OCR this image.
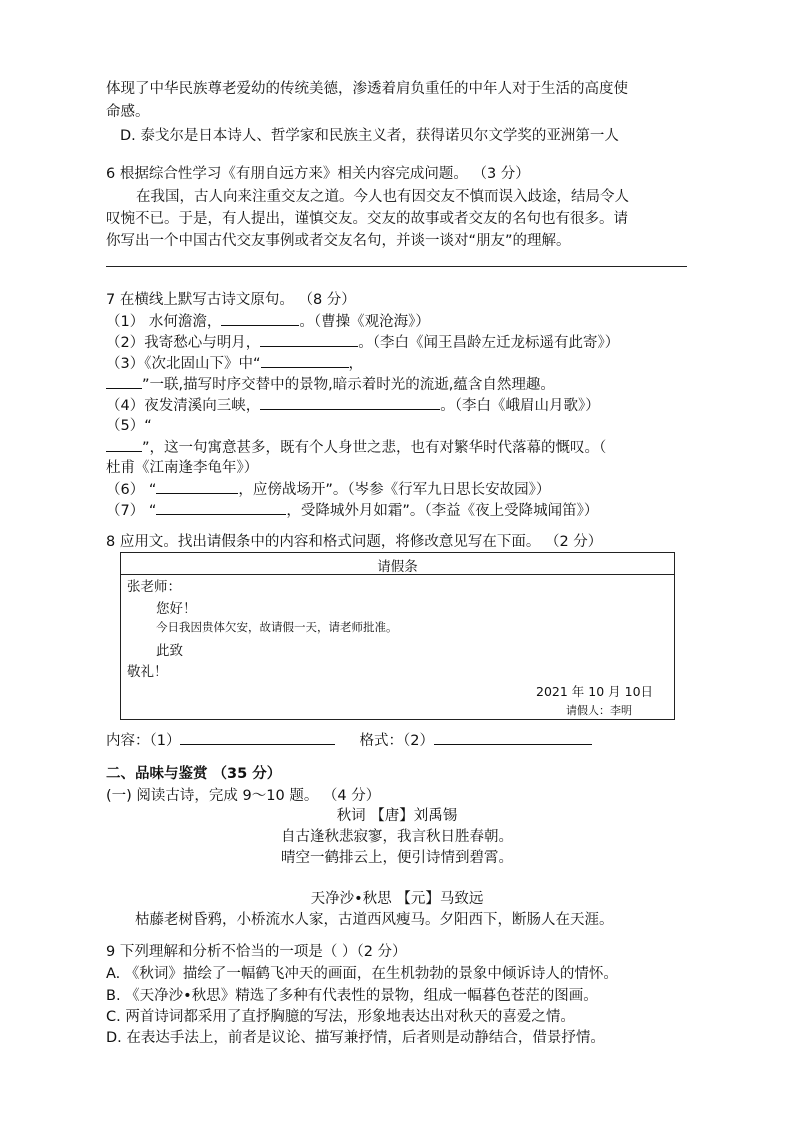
体现了中华民族尊老爱幼的传统美德，渗透着肩负重任的中年人对于生活的高度使
命感。
D. 泰戈尔是日本诗人、哲学家和民族主义者，获得诺贝尔文学奖的亚洲第一人
6 根据综合性学习《有朋自远方来》相关内容完成问题。 （3 分）
在我国，古人向来注重交友之道。今人也有因交友不慎而误入歧途，结局令人
叹惋不已。于是，有人提出，谨慎交友。交友的故事或者交友的名句也有很多。请
你写出一个中国古代交友事例或者交友名句，并谈一谈对“朋友”的理解。
7 在横线上默写古诗文原句。 （8 分）
（1） 水何澹澹，	。（曹操《观沧海》）
（2）我寄愁心与明月，	。（李白《闻王昌龄左迁龙标遥有此寄》）
（3）《次北固山下》中“	，
”一联,描写时序交替中的景物,暗示着时光的流逝,蕴含自然理趣。
（4）夜发清溪向三峡，	。（李白《峨眉山月歌》）
（5）“
”，这一句寓意甚多，既有个人身世之悲，也有对繁华时代落幕的慨叹。（
杜甫《江南逢李龟年》）
（6） “	，应傍战场开”。（岑参《行军九日思长安故园》）
（7） “	，受降城外月如霜”。（李益《夜上受降城闻笛》）
8 应用文。找出请假条中的内容和格式问题，将修改意见写在下面。 （2 分）
请假条
张老师：
您好！
今日我因贵体欠安，故请假一天，请老师批准。
此致
敬礼！
2021 年 10 月 10日
请假人：李明
内容：（1）	格式：（2）
二、品味与鉴赏 （35 分）
(一) 阅读古诗，完成 9～10 题。 （4 分）
秋词 【唐】刘禹锡
自古逢秋悲寂寥，我言秋日胜春朝。
晴空一鹤排云上，便引诗情到碧霄。
天净沙•秋思 【元】马致远
枯藤老树昏鸦，小桥流水人家，古道西风瘦马。夕阳西下，断肠人在天涯。
9 下列理解和分析不恰当的一项是（ ）（2 分）
A. 《秋词》描绘了一幅鹤飞冲天的画面，在生机勃勃的景象中倾诉诗人的情怀。
B. 《天净沙•秋思》精选了多种有代表性的景物，组成一幅暮色苍茫的图画。
C. 两首诗词都采用了直抒胸臆的写法，形象地表达出对秋天的喜爱之情。
D. 在表达手法上，前者是议论、描写兼抒情，后者则是动静结合，借景抒情。
